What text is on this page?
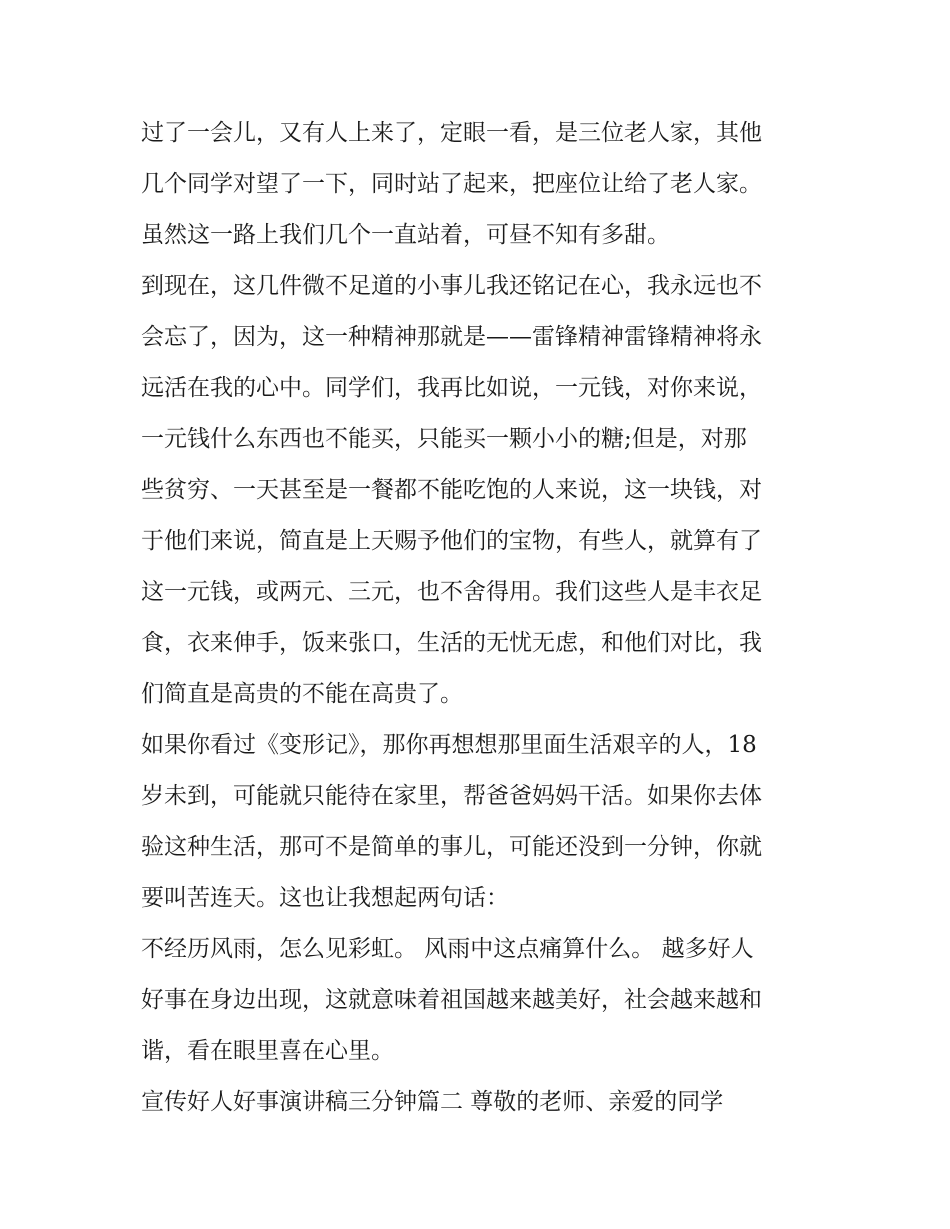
过了一会儿，又有人上来了，定眼一看，是三位老人家，其他
几个同学对望了一下，同时站了起来，把座位让给了老人家。
虽然这一路上我们几个一直站着，可昼不知有多甜。
到现在，这几件微不足道的小事儿我还铭记在心，我永远也不
会忘了，因为，这一种精神那就是——雷锋精神雷锋精神将永
远活在我的心中。同学们，我再比如说，一元钱，对你来说，
一元钱什么东西也不能买，只能买一颗小小的糖;但是，对那
些贫穷、一天甚至是一餐都不能吃饱的人来说，这一块钱，对
于他们来说，简直是上天赐予他们的宝物，有些人，就算有了
这一元钱，或两元、三元，也不舍得用。我们这些人是丰衣足
食，衣来伸手，饭来张口，生活的无忧无虑，和他们对比，我
们简直是高贵的不能在高贵了。
如果你看过《变形记》，那你再想想那里面生活艰辛的人，18
岁未到，可能就只能待在家里，帮爸爸妈妈干活。如果你去体
验这种生活，那可不是简单的事儿，可能还没到一分钟，你就
要叫苦连天。这也让我想起两句话：
不经历风雨，怎么见彩虹。 风雨中这点痛算什么。 越多好人
好事在身边出现，这就意味着祖国越来越美好，社会越来越和
谐，看在眼里喜在心里。
宣传好人好事演讲稿三分钟篇二 尊敬的老师、亲爱的同学
